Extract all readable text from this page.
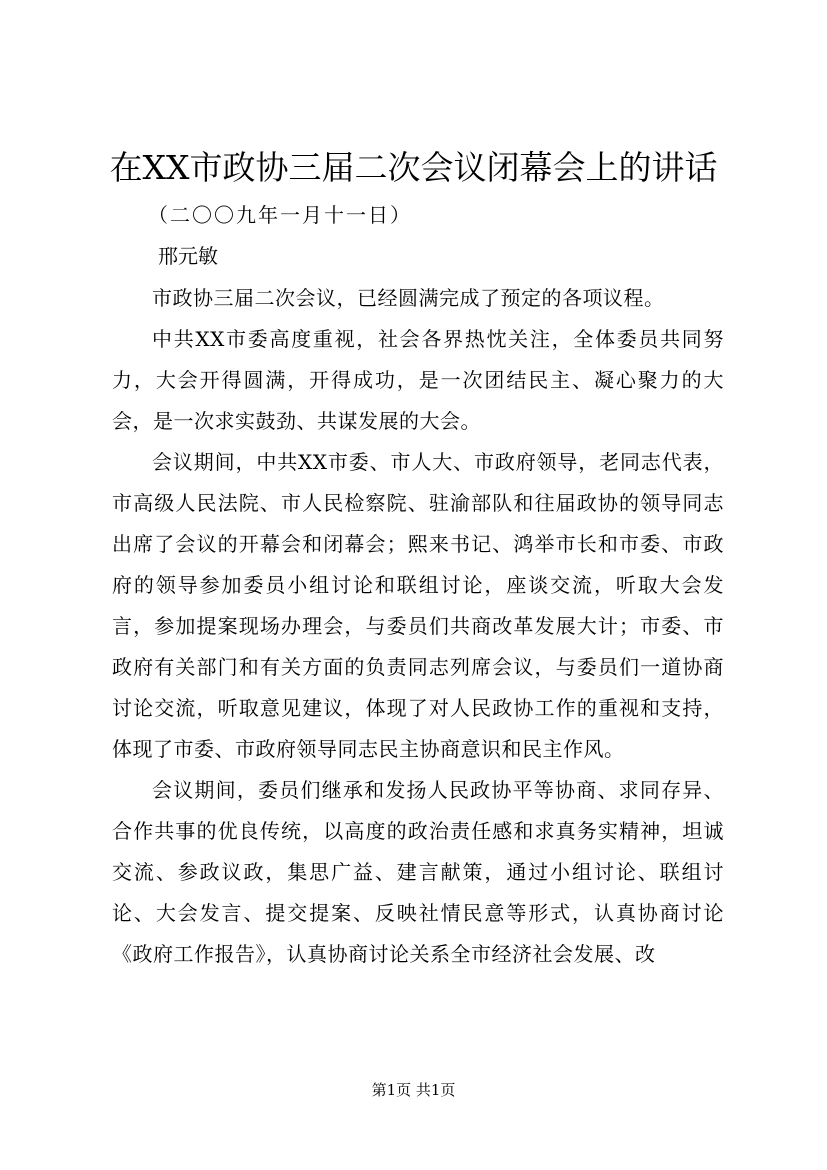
在XX市政协三届二次会议闭幕会上的讲话
（二〇〇九年一月十一日）
邢元敏

市政协三届二次会议，已经圆满完成了预定的各项议程。

中共XX市委高度重视，社会各界热忱关注，全体委员共同努力，大会开得圆满，开得成功，是一次团结民主、凝心聚力的大会，是一次求实鼓劲、共谋发展的大会。

会议期间，中共XX市委、市人大、市政府领导，老同志代表，市高级人民法院、市人民检察院、驻渝部队和往届政协的领导同志出席了会议的开幕会和闭幕会；熙来书记、鸿举市长和市委、市政府的领导参加委员小组讨论和联组讨论，座谈交流，听取大会发言，参加提案现场办理会，与委员们共商改革发展大计；市委、市政府有关部门和有关方面的负责同志列席会议，与委员们一道协商讨论交流，听取意见建议，体现了对人民政协工作的重视和支持，体现了市委、市政府领导同志民主协商意识和民主作风。

会议期间，委员们继承和发扬人民政协平等协商、求同存异、合作共事的优良传统，以高度的政治责任感和求真务实精神，坦诚交流、参政议政，集思广益、建言献策，通过小组讨论、联组讨论、大会发言、提交提案、反映社情民意等形式，认真协商讨论《政府工作报告》，认真协商讨论关系全市经济社会发展、改

第1页 共1页
